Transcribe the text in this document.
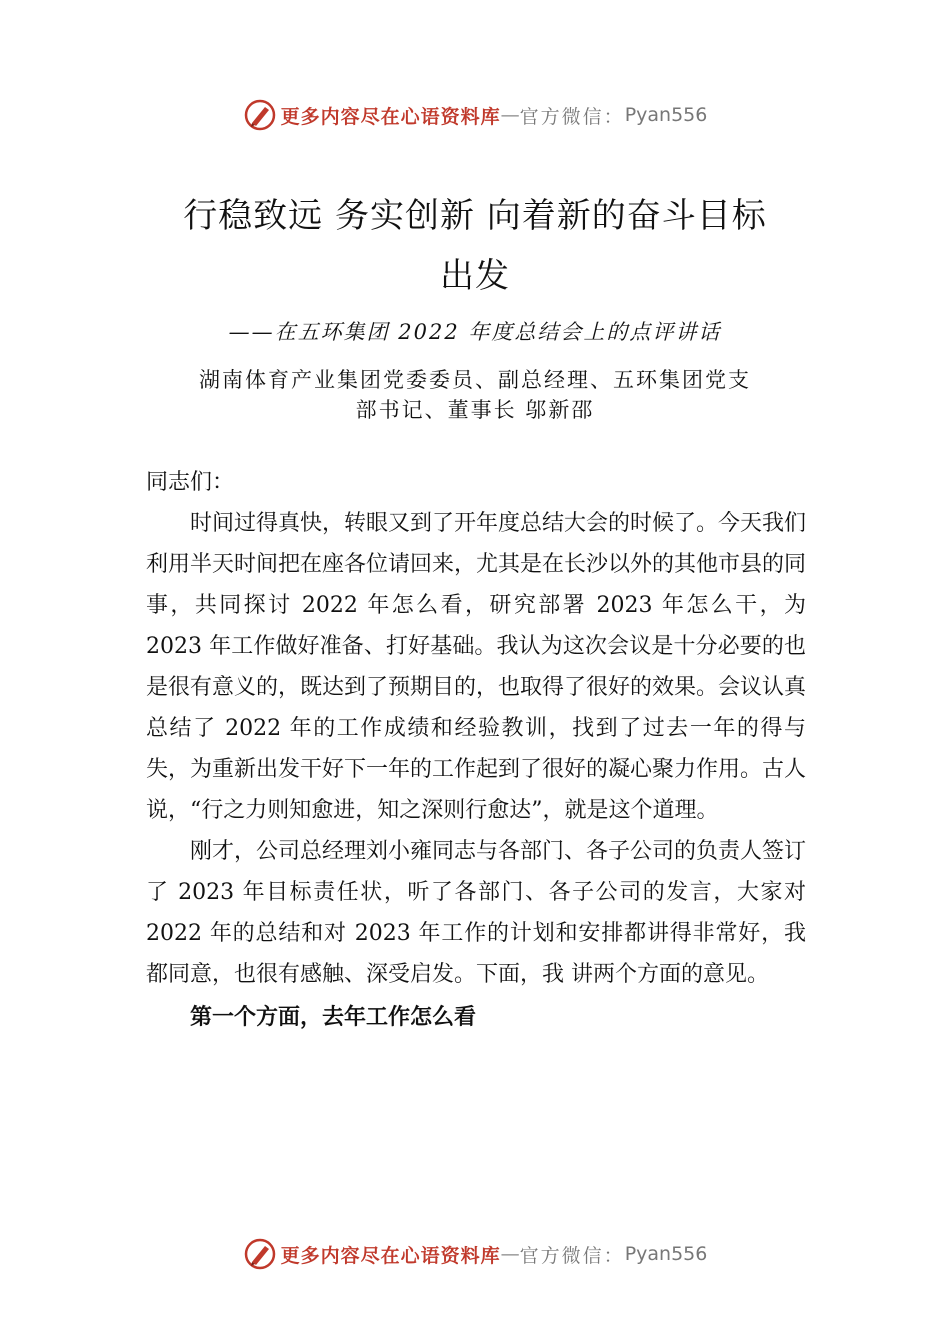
更多内容尽在心语资料库 — 官方微信： Pyan556
行稳致远 务实创新 向着新的奋斗目标
出发
——在五环集团 2022 年度总结会上的点评讲话
湖南体育产业集团党委委员、副总经理、五环集团党支
部书记、董事长 邬新邵

同志们：

时间过得真快，转眼又到了开年度总结大会的时候了。今天我们利用半天时间把在座各位请回来，尤其是在长沙以外的其他市县的同事，共同探讨 2022 年怎么看，研究部署 2023 年怎么干，为 2023 年工作做好准备、打好基础。我认为这次会议是十分必要的也是很有意义的，既达到了预期目的，也取得了很好的效果。会议认真总结了 2022 年的工作成绩和经验教训，找到了过去一年的得与失，为重新出发干好下一年的工作起到了很好的凝心聚力作用。古人说，“行之力则知愈进，知之深则行愈达”，就是这个道理。

刚才，公司总经理刘小雍同志与各部门、各子公司的负责人签订了 2023 年目标责任状，听了各部门、各子公司的发言，大家对 2022 年的总结和对 2023 年工作的计划和安排都讲得非常好，我都同意，也很有感触、深受启发。下面，我 讲两个方面的意见。

第一个方面，去年工作怎么看

更多内容尽在心语资料库 — 官方微信： Pyan556
